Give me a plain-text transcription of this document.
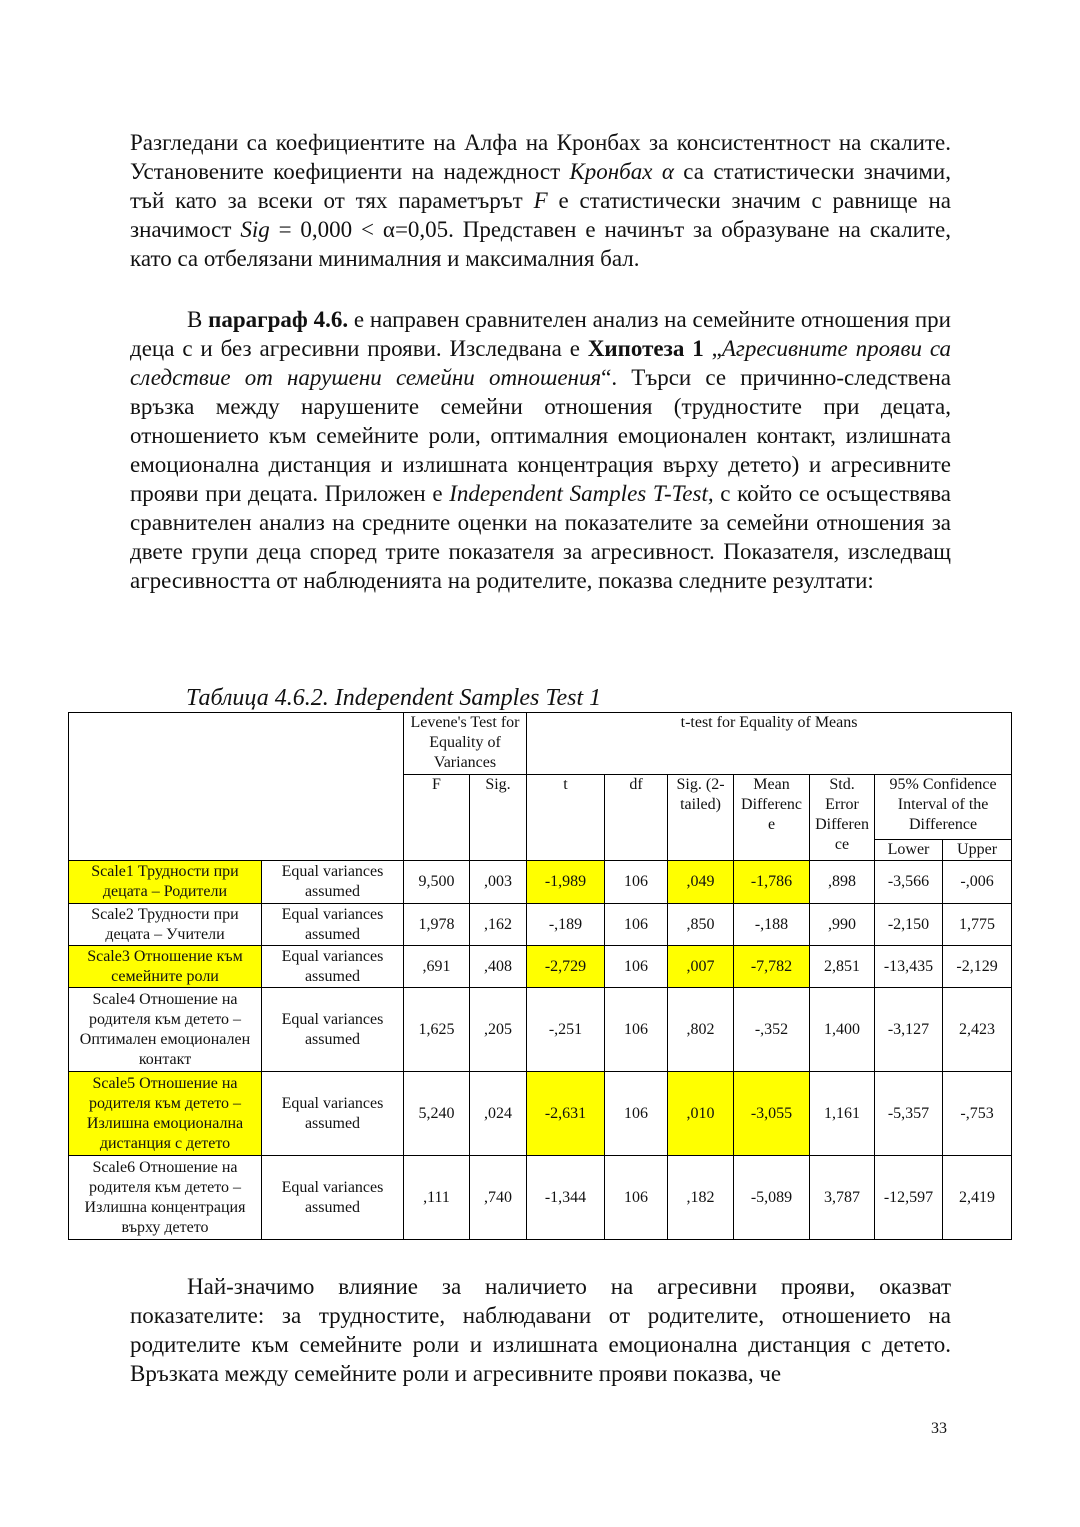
Разгледани са коефициентите на Алфа на Кронбах за консистентност на скалите. Установените коефициенти на надеждност Кронбах α са статистически значими, тъй като за всеки от тях параметърът F е статистически значим с равнище на значимост Sig = 0,000 < α=0,05. Представен е начинът за образуване на скалите, като са отбелязани минималния и максималния бал.

В параграф 4.6. е направен сравнителен анализ на семейните отношения при деца с и без агресивни прояви. Изследвана е Хипотеза 1 „Агресивните прояви са следствие от нарушени семейни отношения“. Търси се причинно-следствена връзка между нарушените семейни отношения (трудностите при децата, отношението към семейните роли, оптималния емоционален контакт, излишната емоционална дистанция и излишната концентрация върху детето) и агресивните прояви при децата. Приложен е Independent Samples T-Test, с който се осъществява сравнителен анализ на средните оценки на показателите за семейни отношения за двете групи деца според трите показателя за агресивност. Показателя, изследващ агресивността от наблюденията на родителите, показва следните резултати:

Таблица 4.6.2. Independent Samples Test 1
		Levene's Test for Equality of Variances		t-test for Equality of Means						
		F	Sig.	t	df	Sig. (2-tailed)	Mean Differenc e	Std. Error Differen ce	95% Confidence Interval of the Difference	
									Lower	Upper
Scale1 Трудности при децата – Родители	Equal variances assumed	9,500	,003	-1,989	106	,049	-1,786	,898	-3,566	-,006
Scale2 Трудности при децата – Учители	Equal variances assumed	1,978	,162	-,189	106	,850	-,188	,990	-2,150	1,775
Scale3 Отношение към семейните роли	Equal variances assumed	,691	,408	-2,729	106	,007	-7,782	2,851	-13,435	-2,129
Scale4 Отношение на родителя към детето – Оптимален емоционален контакт	Equal variances assumed	1,625	,205	-,251	106	,802	-,352	1,400	-3,127	2,423
Scale5 Отношение на родителя към детето – Излишна емоционална дистанция с детето	Equal variances assumed	5,240	,024	-2,631	106	,010	-3,055	1,161	-5,357	-,753
Scale6 Отношение на родителя към детето – Излишна концентрация върху детето	Equal variances assumed	,111	,740	-1,344	106	,182	-5,089	3,787	-12,597	2,419

Най-значимо влияние за наличието на агресивни прояви, оказват показателите: за трудностите, наблюдавани от родителите, отношението на родителите към семейните роли и излишната емоционална дистанция с детето. Връзката между семейните роли и агресивните прояви показва, че

33
